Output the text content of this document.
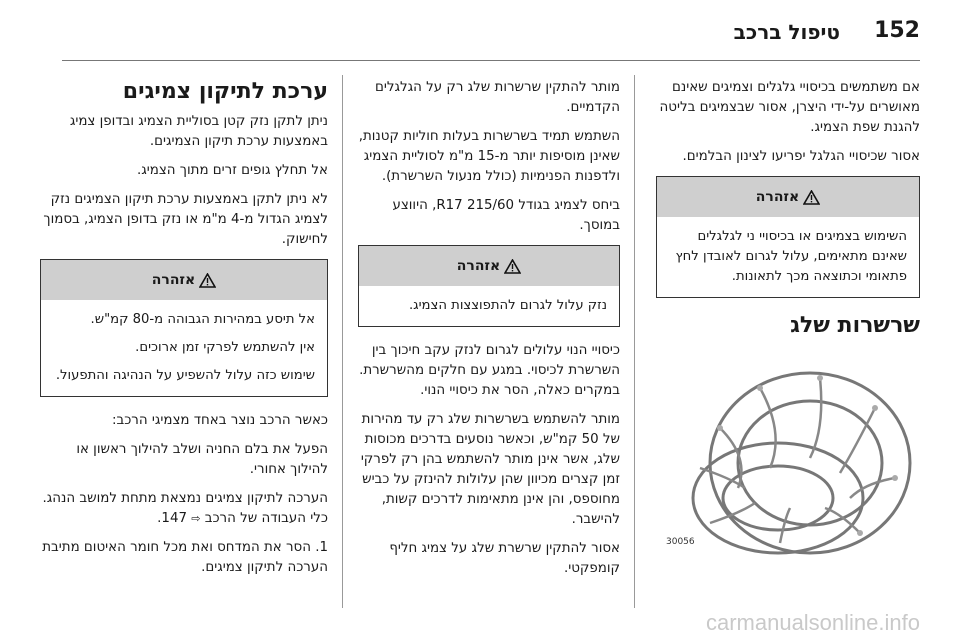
152
טיפול ברכב

אם משתמשים בכיסויי גלגלים וצמיגים שאינם מאושרים על-ידי היצרן, אסור שבצמיגים בליטה להגנת שפת הצמיג.

אסור שכיסויי הגלגל יפריעו לצינון הבלמים.

אזהרה

השימוש בצמיגים או בכיסויי ני לגלגלים שאינם מתאימים, עלול לגרום לאובדן לחץ פתאומי וכתוצאה מכך לתאונות.

שרשרות שלג
30056

מותר להתקין שרשרות שלג רק על הגלגלים הקדמיים.

השתמש תמיד בשרשרות בעלות חוליות קטנות, שאינן מוסיפות יותר מ-15 מ"מ לסוליית הצמיג ולדפנות הפנימיות (כולל מנעול השרשרת).

ביחס לצמיג בגודל 215/60 R17, היווצע במוסך.

אזהרה

נזק עלול לגרום להתפוצצות הצמיג.

כיסויי הנוי עלולים לגרום לנזק עקב חיכוך בין השרשרת לכיסוי. במגע עם חלקים מהשרשרת. במקרים כאלה, הסר את כיסויי הנוי.

מותר להשתמש בשרשרות שלג רק עד מהירות של 50 קמ"ש, וכאשר נוסעים בדרכים מכוסות שלג, אשר אינן מותר להשתמש בהן רק לפרקי זמן קצרים מכיוון שהן עלולות להינזק על כביש מחוספס, והן אינן מתאימות לדרכים קשות, להישבר.

אסור להתקין שרשרת שלג על צמיג חליף קומפקטי.

ערכת לתיקון צמיגים

ניתן לתקן נזק קטן בסוליית הצמיג ובדופן צמיג באמצעות ערכת תיקון הצמיגים.

אל תחלץ גופים זרים מתוך הצמיג.

לא ניתן לתקן באמצעות ערכת תיקון הצמיגים נזק לצמיג הגדול מ-4 מ"מ או נזק בדופן הצמיג, בסמוך לחישוק.

אזהרה

אל תיסע במהירות הגבוהה מ-80 קמ"ש.

אין להשתמש לפרקי זמן ארוכים.

שימוש כזה עלול להשפיע על הנהיגה והתפעול.

כאשר הרכב נוצר באחד מצמיגי הרכב:

הפעל את בלם החניה ושלב להילוך ראשון או להילוך אחורי.

הערכה לתיקון צמיגים נמצאת מתחת למושב הנהג. כלי העבודה של הרכב ⇨ 147.

1. הסר את המדחס ואת מכל חומר האיטום מתיבת הערכה לתיקון צמיגים.

carmanualsonline.info
